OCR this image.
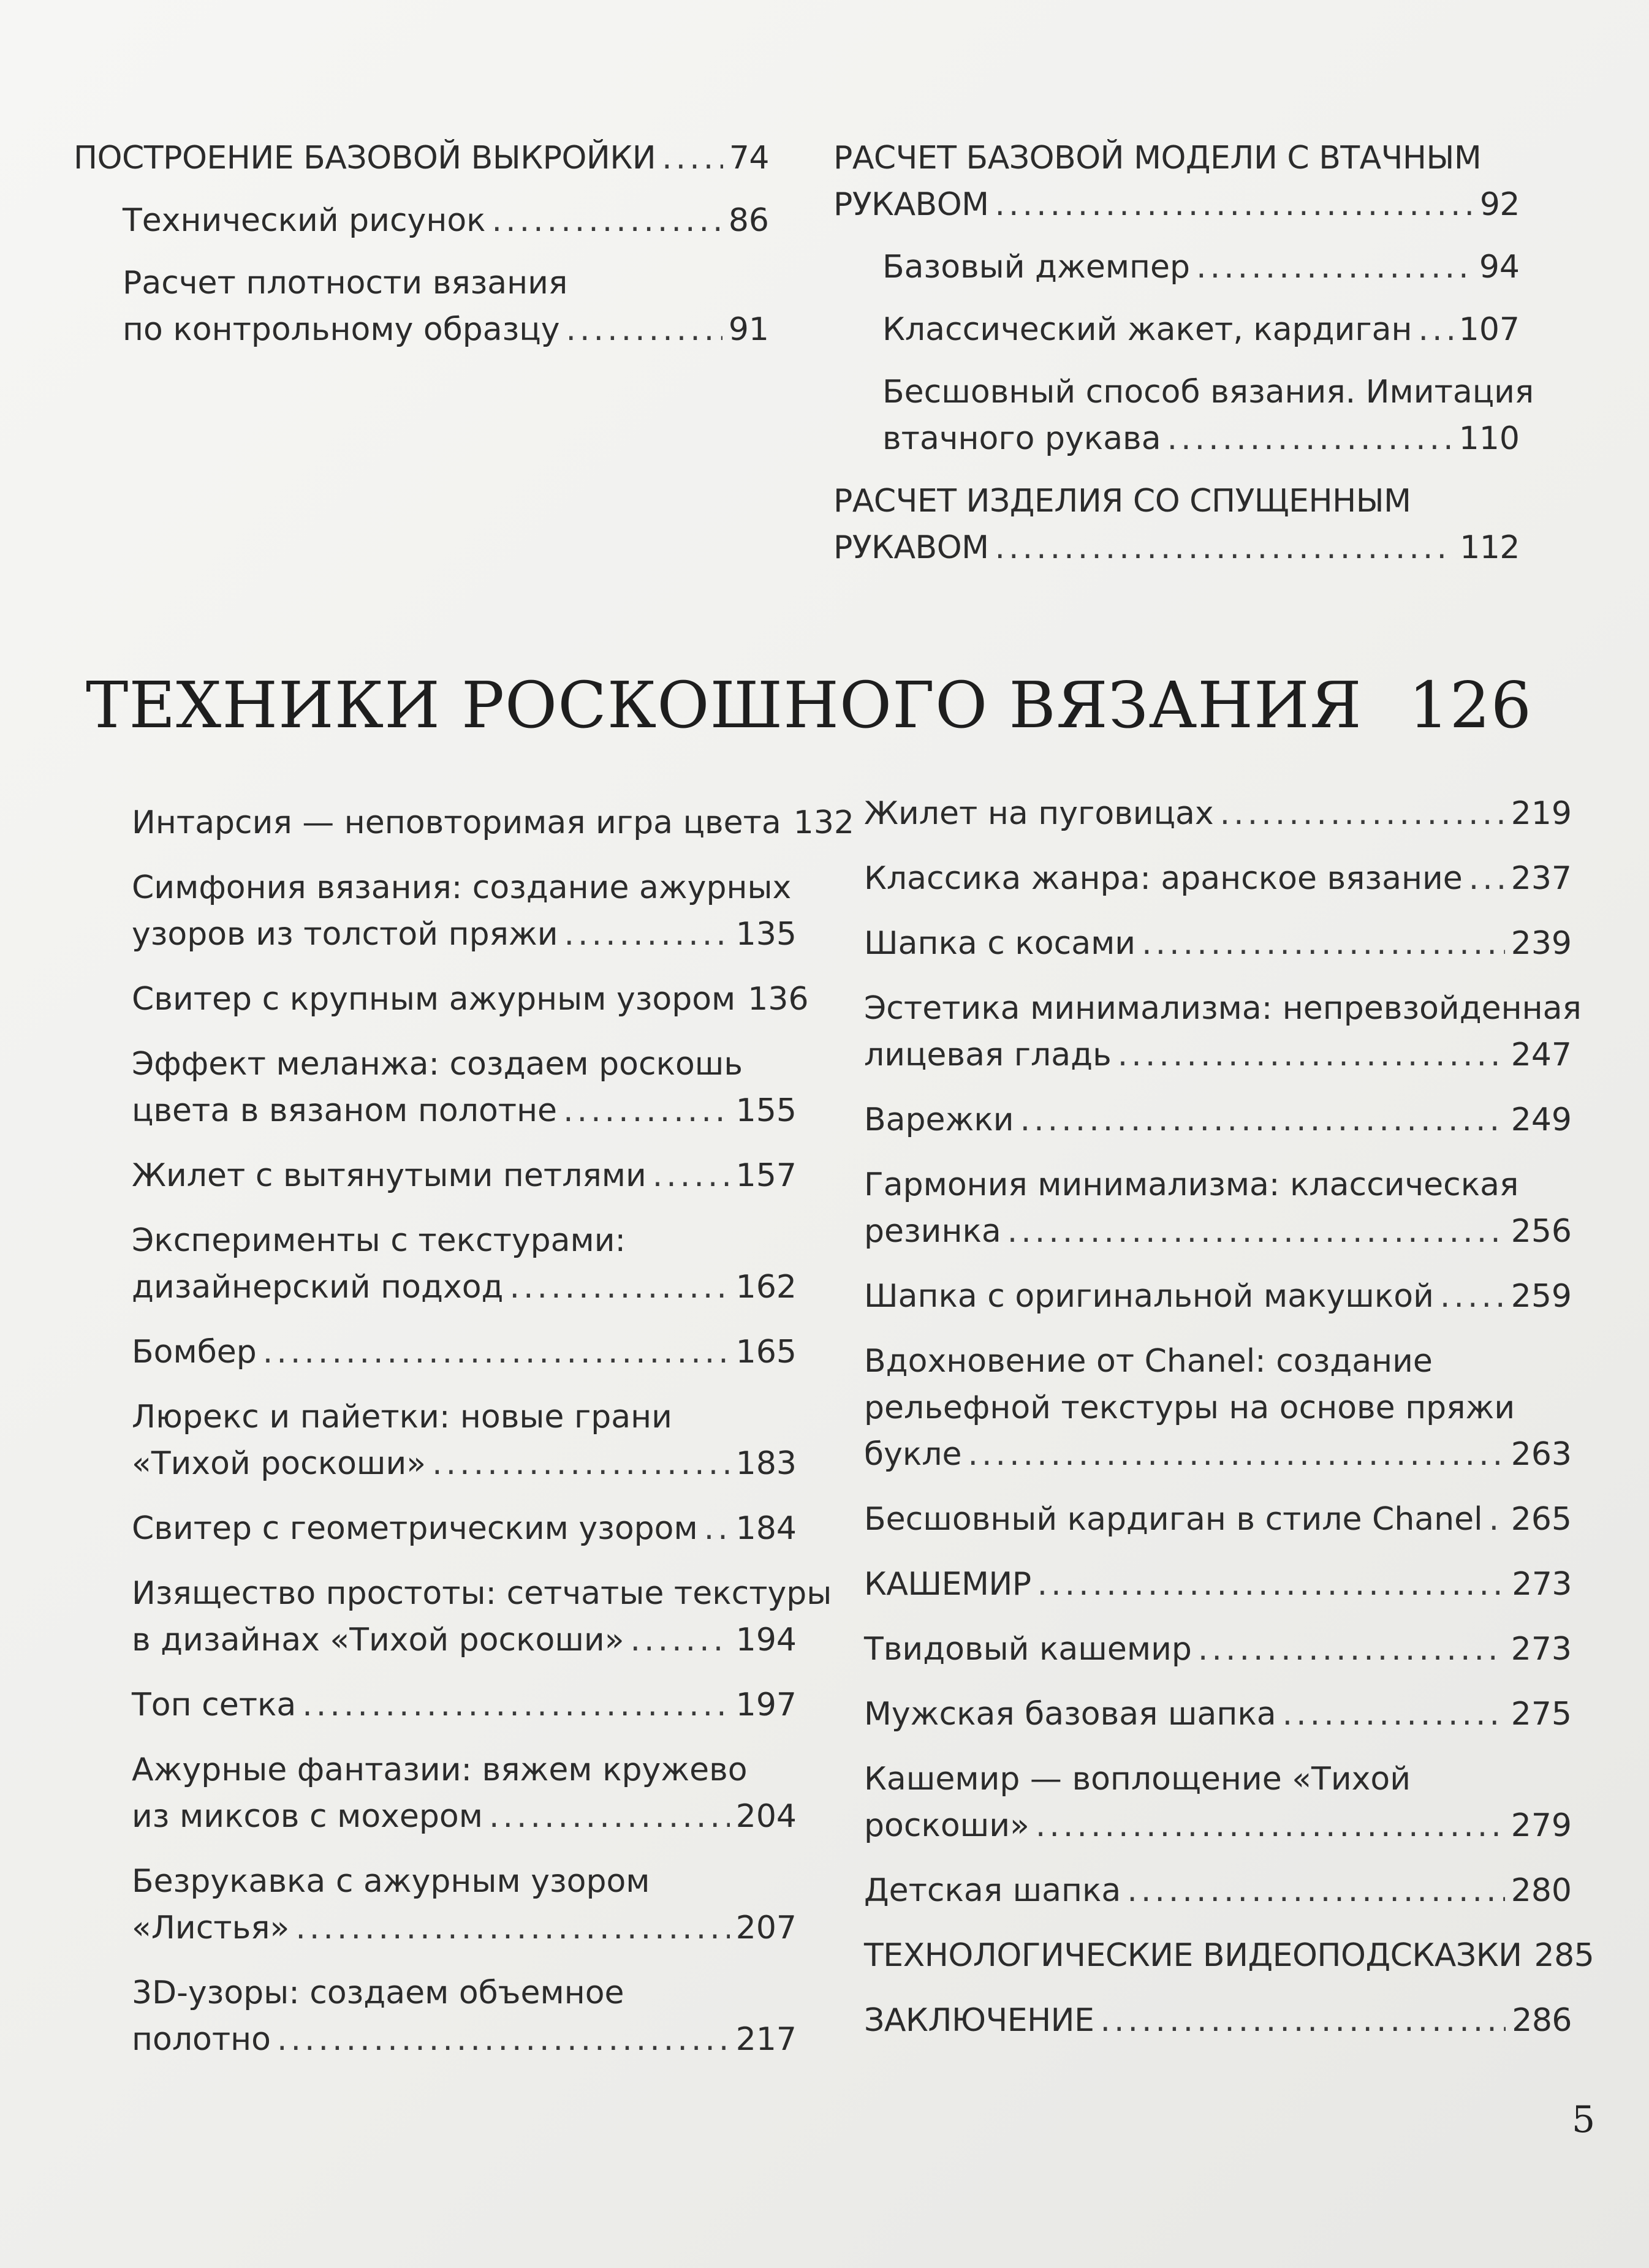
ПОСТРОЕНИЕ БАЗОВОЙ ВЫКРОЙКИ ..... 74
Технический рисунок .....	86
Расчет плотности вязания
по контрольному образцу .....	91
РАСЧЕТ БАЗОВОЙ МОДЕЛИ С ВТАЧНЫМ
РУКАВОМ .....	92
Базовый джемпер .....	94
Классический жакет, кардиган ..... 107
Бесшовный способ вязания. Имитация
втачного рукава .....	110
РАСЧЕТ ИЗДЕЛИЯ СО СПУЩЕННЫМ
РУКАВОМ .....	112
ТЕХНИКИ РОСКОШНОГО ВЯЗАНИЯ 126
Интарсия — неповторимая игра цвета 132
Симфония вязания: создание ажурных
узоров из толстой пряжи .....	135
Свитер с крупным ажурным узором 136
Эффект меланжа: создаем роскошь
цвета в вязаном полотне .....	155
Жилет с вытянутыми петлями .....	157
Эксперименты с текстурами:
дизайнерский подход .....	162
Бомбер .....	165
Люрекс и пайетки: новые грани
«Тихой роскоши» .....	183
Свитер с геометрическим узором ..... 184
Изящество простоты: сетчатые текстуры
в дизайнах «Тихой роскоши» .....	194
Топ сетка .....	197
Ажурные фантазии: вяжем кружево
из миксов с мохером .....	204
Безрукавка с ажурным узором
«Листья» .....	207
3D-узоры: создаем объемное
полотно .....	217
Жилет на пуговицах .....	219
Классика жанра: аранское вязание ..... 237
Шапка с косами .....	239
Эстетика минимализма: непревзойденная
лицевая гладь .....	247
Варежки .....	249
Гармония минимализма: классическая
резинка .....	256
Шапка с оригинальной макушкой ..... 259
Вдохновение от Chanel: создание
рельефной текстуры на основе пряжи
букле .....	263
Бесшовный кардиган в стиле Chanel ..... 265
КАШЕМИР .....	273
Твидовый кашемир .....	273
Мужская базовая шапка .....	275
Кашемир — воплощение «Тихой
роскоши» .....	279
Детская шапка .....	280
ТЕХНОЛОГИЧЕСКИЕ ВИДЕОПОДСКАЗКИ 285
ЗАКЛЮЧЕНИЕ .....	286
5
